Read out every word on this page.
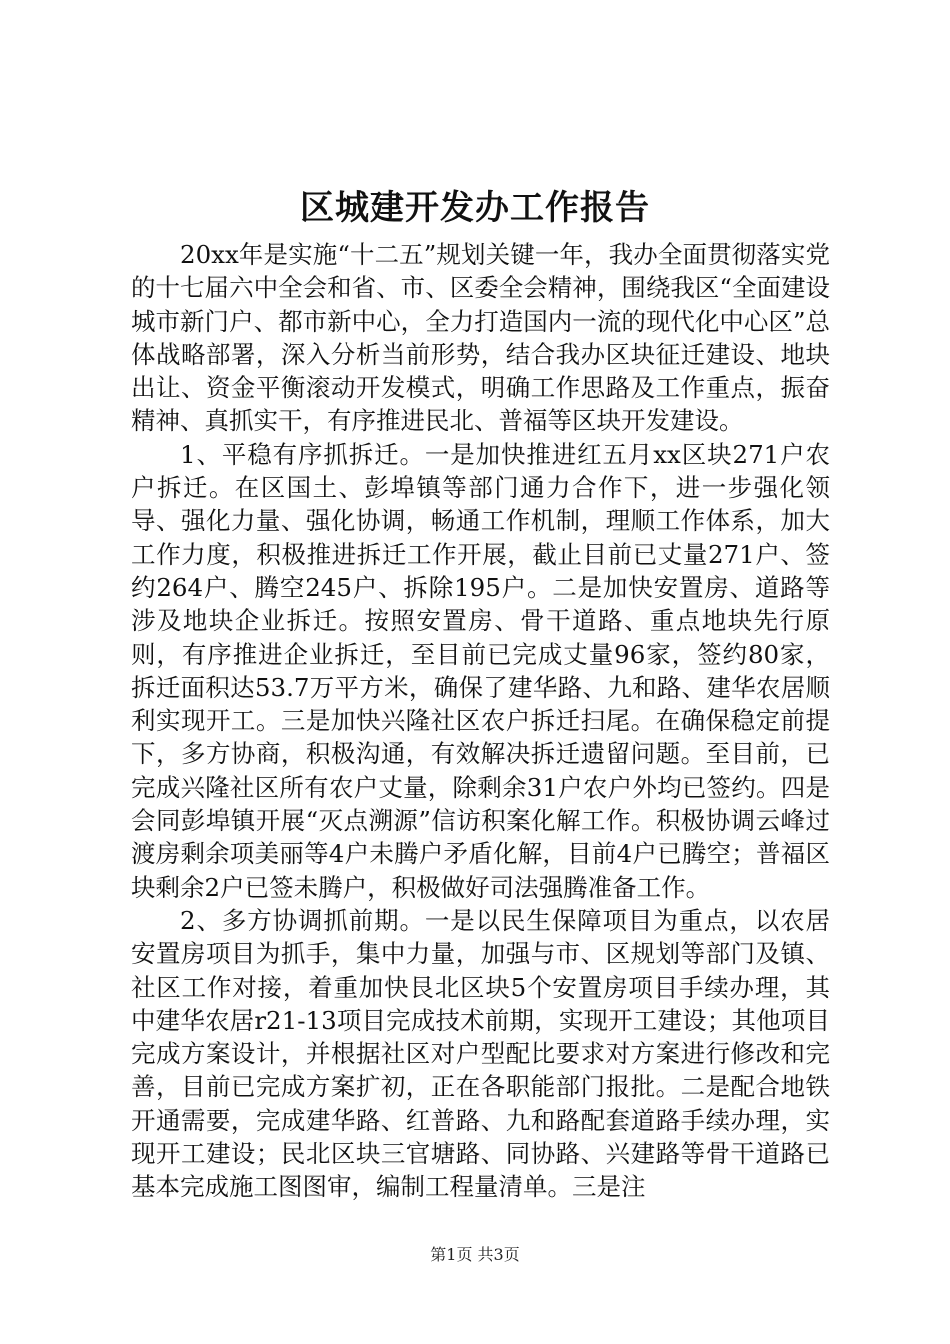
区城建开发办工作报告

20xx年是实施“十二五”规划关键一年，我办全面贯彻落实党的十七届六中全会和省、市、区委全会精神，围绕我区“全面建设城市新门户、都市新中心，全力打造国内一流的现代化中心区”总体战略部署，深入分析当前形势，结合我办区块征迁建设、地块出让、资金平衡滚动开发模式，明确工作思路及工作重点，振奋精神、真抓实干，有序推进民北、普福等区块开发建设。

1、平稳有序抓拆迁。一是加快推进红五月xx区块271户农户拆迁。在区国土、彭埠镇等部门通力合作下，进一步强化领导、强化力量、强化协调，畅通工作机制，理顺工作体系，加大工作力度，积极推进拆迁工作开展，截止目前已丈量271户、签约264户、腾空245户、拆除195户。二是加快安置房、道路等涉及地块企业拆迁。按照安置房、骨干道路、重点地块先行原则，有序推进企业拆迁，至目前已完成丈量96家，签约80家，拆迁面积达53.7万平方米，确保了建华路、九和路、建华农居顺利实现开工。三是加快兴隆社区农户拆迁扫尾。在确保稳定前提下，多方协商，积极沟通，有效解决拆迁遗留问题。至目前，已完成兴隆社区所有农户丈量，除剩余31户农户外均已签约。四是会同彭埠镇开展“灭点溯源”信访积案化解工作。积极协调云峰过渡房剩余项美丽等4户未腾户矛盾化解，目前4户已腾空；普福区块剩余2户已签未腾户，积极做好司法强腾准备工作。

2、多方协调抓前期。一是以民生保障项目为重点，以农居安置房项目为抓手，集中力量，加强与市、区规划等部门及镇、社区工作对接，着重加快艮北区块5个安置房项目手续办理，其中建华农居r21-13项目完成技术前期，实现开工建设；其他项目完成方案设计，并根据社区对户型配比要求对方案进行修改和完善，目前已完成方案扩初，正在各职能部门报批。二是配合地铁开通需要，完成建华路、红普路、九和路配套道路手续办理，实现开工建设；民北区块三官塘路、同协路、兴建路等骨干道路已基本完成施工图图审，编制工程量清单。三是注

第1页 共3页
